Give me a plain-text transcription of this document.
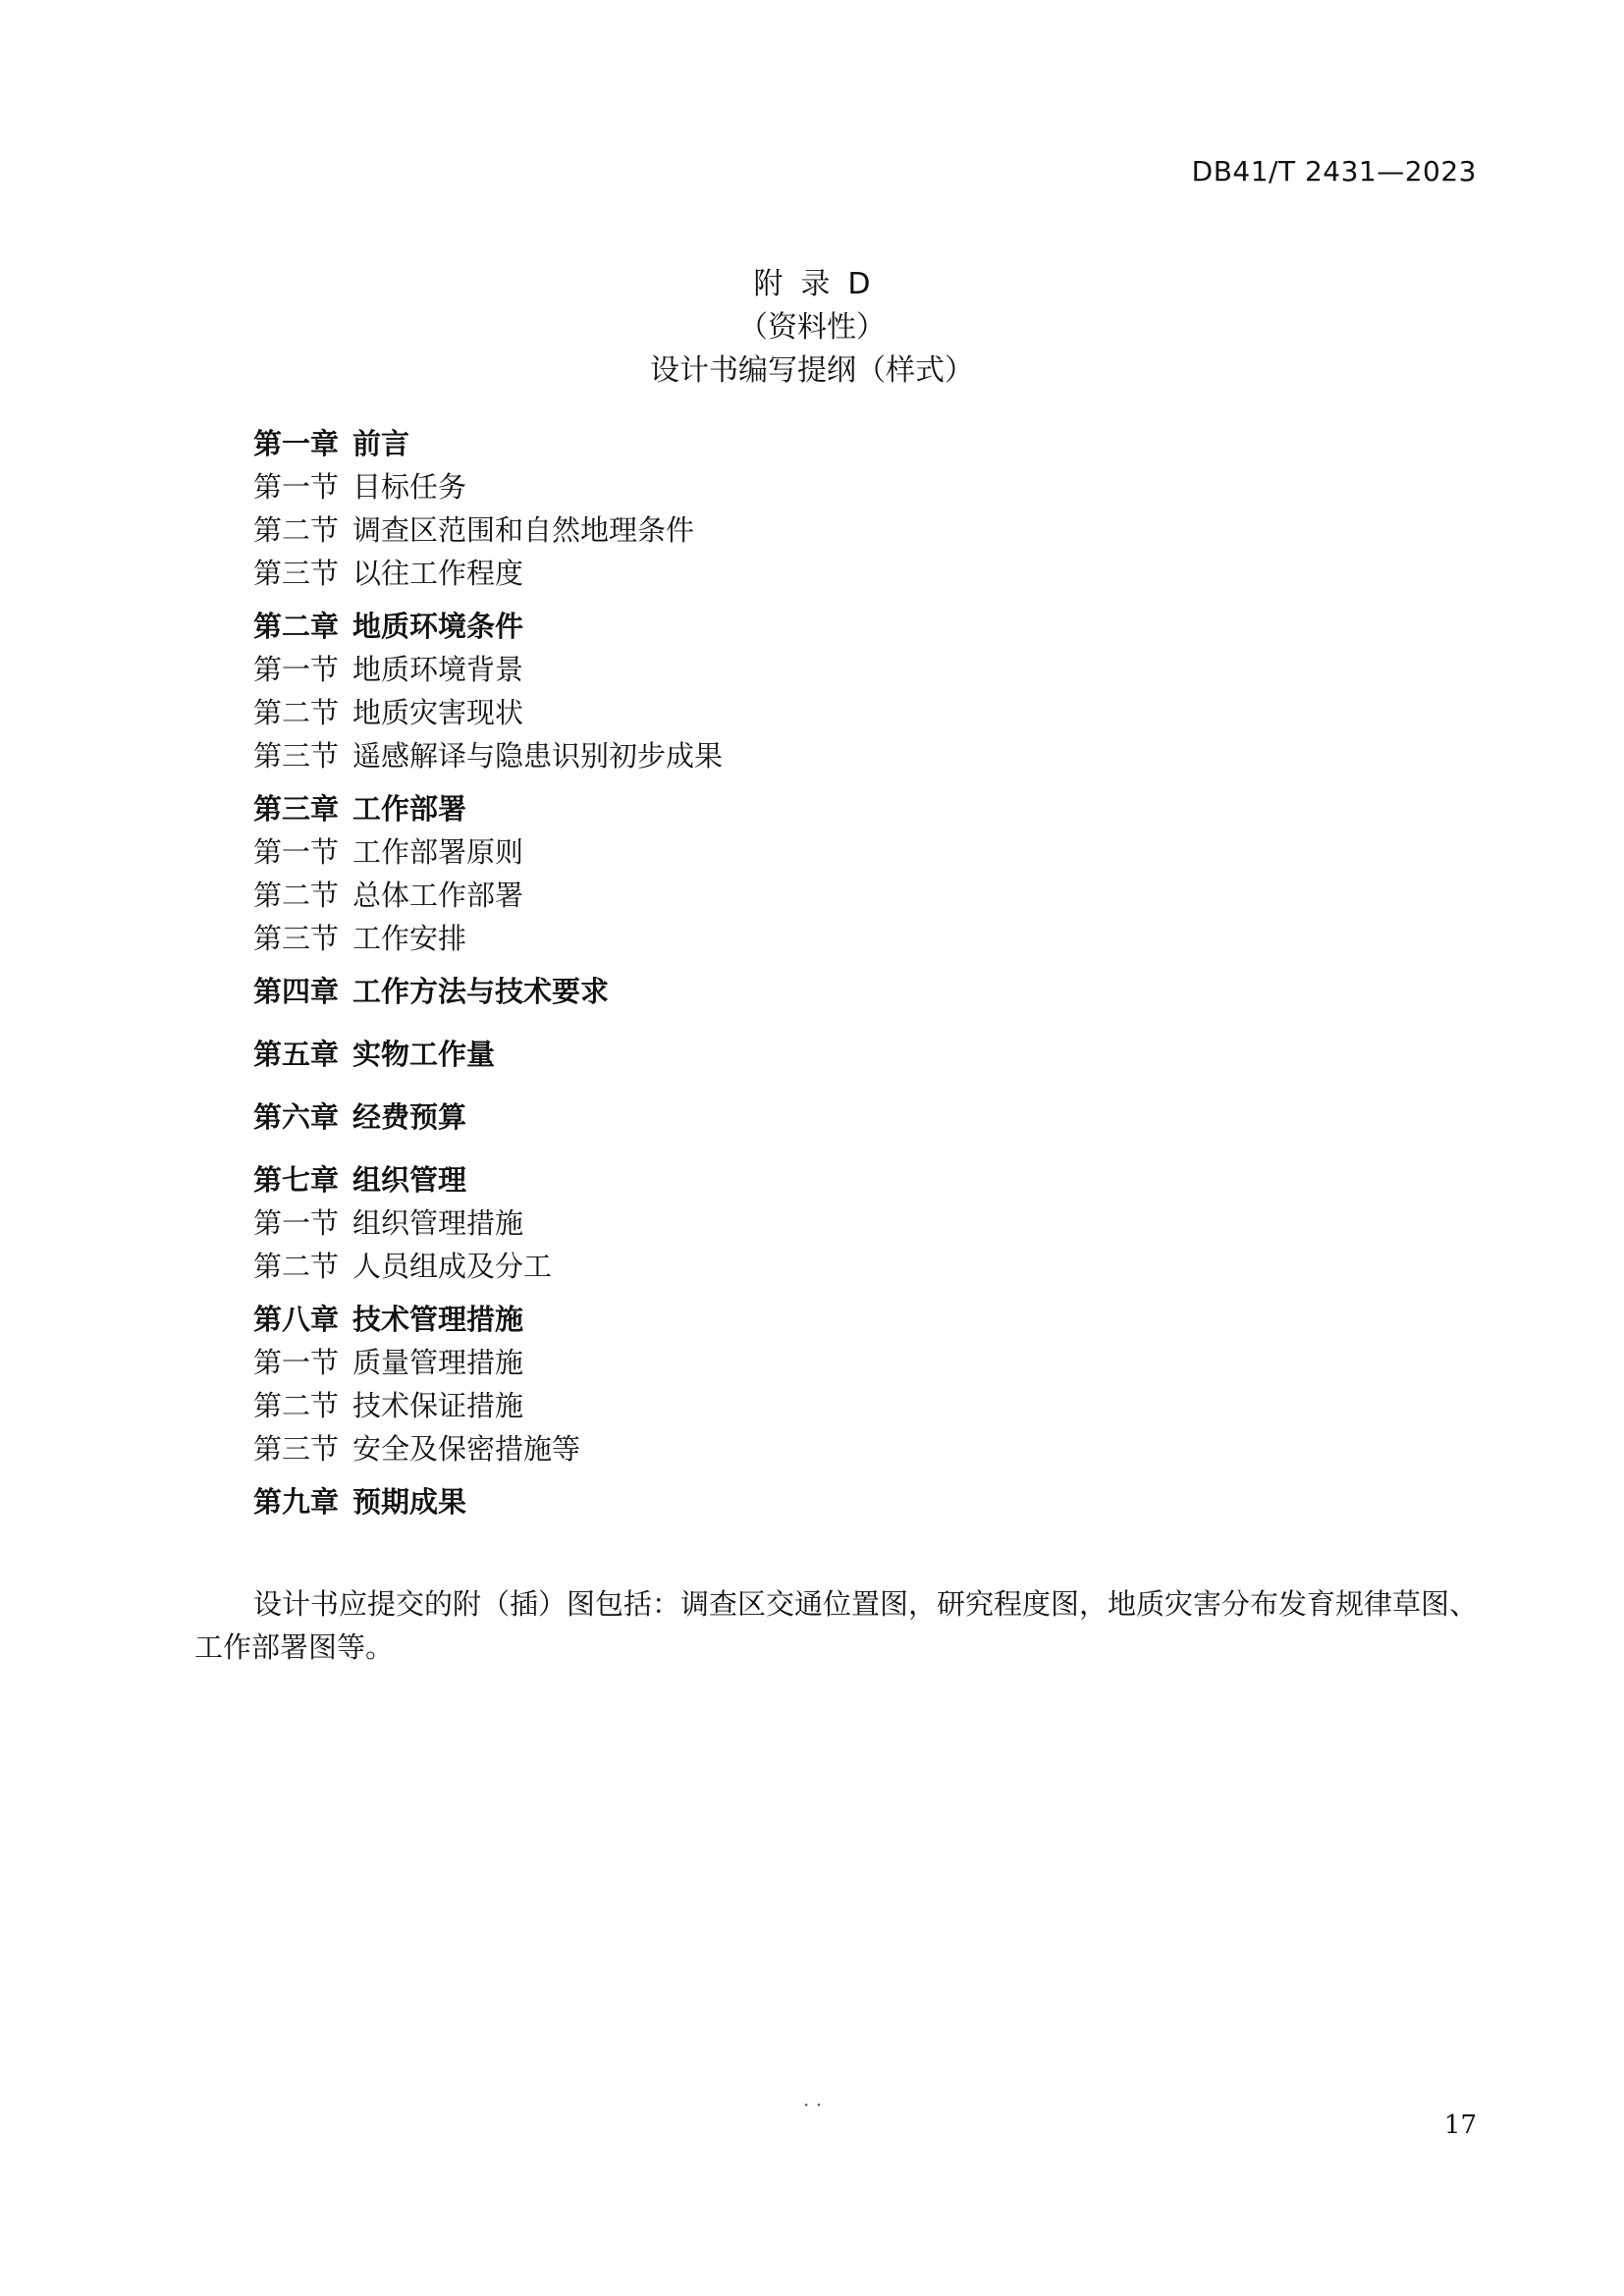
DB41/T 2431—2023
附录D
（资料性）
设计书编写提纲（样式）
第一章 前言
第一节 目标任务
第二节 调查区范围和自然地理条件
第三节 以往工作程度
第二章 地质环境条件
第一节 地质环境背景
第二节 地质灾害现状
第三节 遥感解译与隐患识别初步成果
第三章 工作部署
第一节 工作部署原则
第二节 总体工作部署
第三节 工作安排
第四章 工作方法与技术要求
第五章 实物工作量
第六章 经费预算
第七章 组织管理
第一节 组织管理措施
第二节 人员组成及分工
第八章 技术管理措施
第一节 质量管理措施
第二节 技术保证措施
第三节 安全及保密措施等
第九章 预期成果
设计书应提交的附（插）图包括：调查区交通位置图，研究程度图，地质灾害分布发育规律草图、工作部署图等。
· ·
17
